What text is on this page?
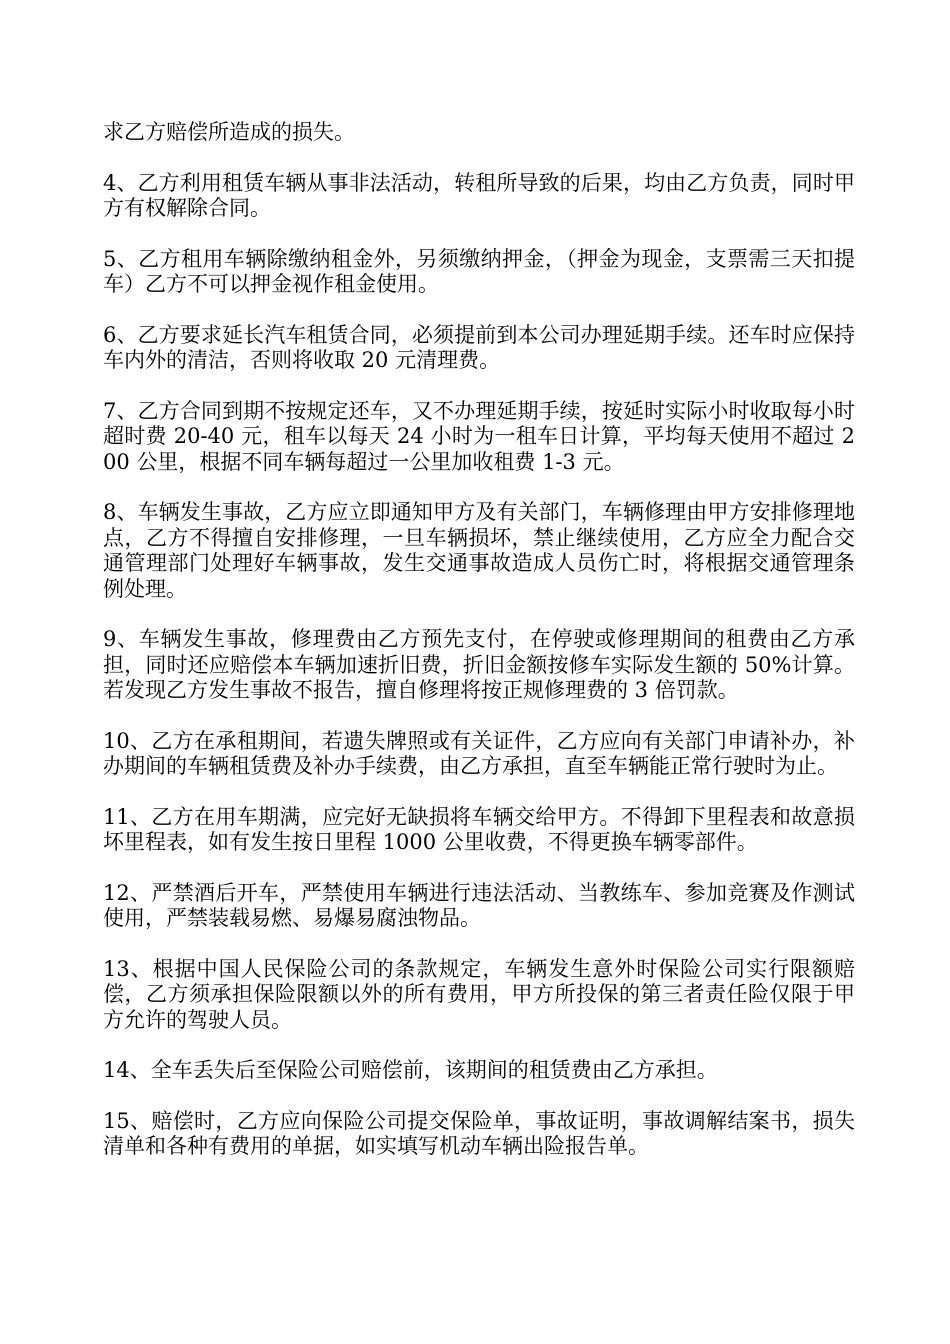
求乙方赔偿所造成的损失。

4、乙方利用租赁车辆从事非法活动，转租所导致的后果，均由乙方负责，同时甲方有权解除合同。

5、乙方租用车辆除缴纳租金外，另须缴纳押金，（押金为现金，支票需三天扣提车）乙方不可以押金视作租金使用。

6、乙方要求延长汽车租赁合同，必须提前到本公司办理延期手续。还车时应保持车内外的清洁，否则将收取 20 元清理费。

7、乙方合同到期不按规定还车，又不办理延期手续，按延时实际小时收取每小时超时费 20-40 元，租车以每天 24 小时为一租车日计算，平均每天使用不超过 200 公里，根据不同车辆每超过一公里加收租费 1-3 元。

8、车辆发生事故，乙方应立即通知甲方及有关部门，车辆修理由甲方安排修理地点，乙方不得擅自安排修理，一旦车辆损坏，禁止继续使用，乙方应全力配合交通管理部门处理好车辆事故，发生交通事故造成人员伤亡时，将根据交通管理条例处理。

9、车辆发生事故，修理费由乙方预先支付，在停驶或修理期间的租费由乙方承担，同时还应赔偿本车辆加速折旧费，折旧金额按修车实际发生额的 50%计算。若发现乙方发生事故不报告，擅自修理将按正规修理费的 3 倍罚款。

10、乙方在承租期间，若遗失牌照或有关证件，乙方应向有关部门申请补办，补办期间的车辆租赁费及补办手续费，由乙方承担，直至车辆能正常行驶时为止。

11、乙方在用车期满，应完好无缺损将车辆交给甲方。不得卸下里程表和故意损坏里程表，如有发生按日里程 1000 公里收费，不得更换车辆零部件。

12、严禁酒后开车，严禁使用车辆进行违法活动、当教练车、参加竞赛及作测试使用，严禁装载易燃、易爆易腐浊物品。

13、根据中国人民保险公司的条款规定，车辆发生意外时保险公司实行限额赔偿，乙方须承担保险限额以外的所有费用，甲方所投保的第三者责任险仅限于甲方允许的驾驶人员。

14、全车丢失后至保险公司赔偿前，该期间的租赁费由乙方承担。

15、赔偿时，乙方应向保险公司提交保险单，事故证明，事故调解结案书，损失清单和各种有费用的单据，如实填写机动车辆出险报告单。
